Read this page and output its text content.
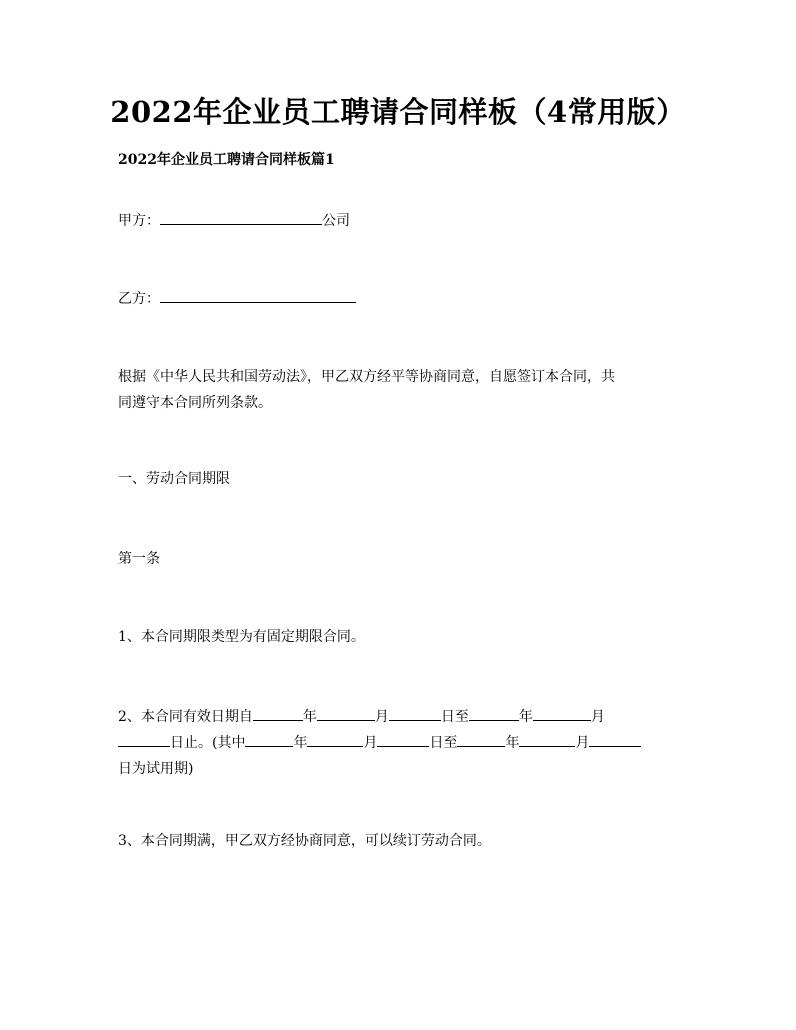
2022年企业员工聘请合同样板（4常用版）

2022年企业员工聘请合同样板篇1

甲方：	公司

乙方：

根据《中华人民共和国劳动法》，甲乙双方经平等协商同意，自愿签订本合同，共
同遵守本合同所列条款。

一、劳动合同期限

第一条

1、本合同期限类型为有固定期限合同。

2、本合同有效日期自	年	月	日至	年	月
日止。(其中	年	月	日至	年	月
日为试用期)

3、本合同期满，甲乙双方经协商同意，可以续订劳动合同。
